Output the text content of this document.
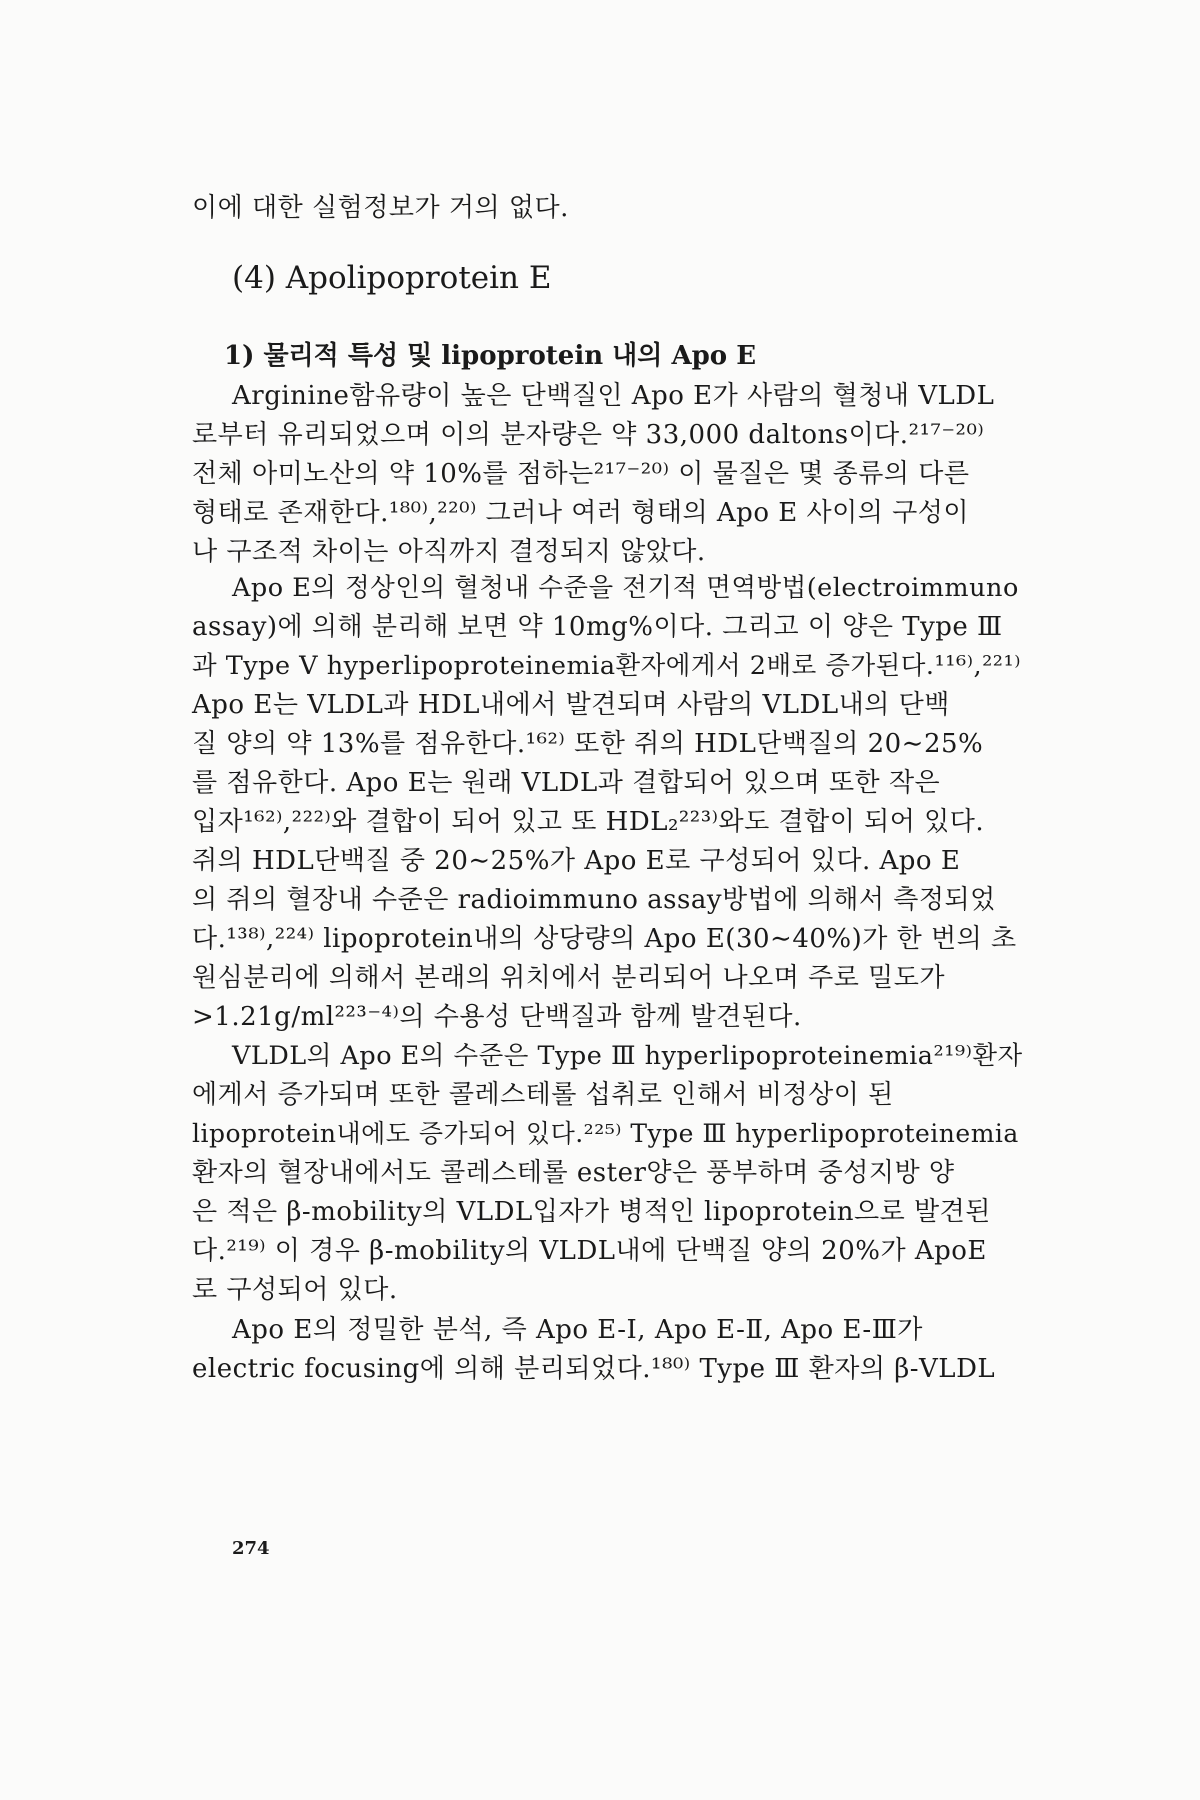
이에 대한 실험정보가 거의 없다.
(4) Apolipoprotein E
1) 물리적 특성 및 lipoprotein 내의 Apo E
Arginine함유량이 높은 단백질인 Apo E가 사람의 혈청내 VLDL
로부터 유리되었으며 이의 분자량은 약 33,000 daltons이다.²¹⁷⁻²⁰⁾
전체 아미노산의 약 10%를 점하는²¹⁷⁻²⁰⁾ 이 물질은 몇 종류의 다른
형태로 존재한다.¹⁸⁰⁾,²²⁰⁾ 그러나 여러 형태의 Apo E 사이의 구성이
나 구조적 차이는 아직까지 결정되지 않았다.
Apo E의 정상인의 혈청내 수준을 전기적 면역방법(electroimmuno
assay)에 의해 분리해 보면 약 10mg%이다. 그리고 이 양은 Type Ⅲ
과 Type V hyperlipoproteinemia환자에게서 2배로 증가된다.¹¹⁶⁾,²²¹⁾
Apo E는 VLDL과 HDL내에서 발견되며 사람의 VLDL내의 단백
질 양의 약 13%를 점유한다.¹⁶²⁾ 또한 쥐의 HDL단백질의 20∼25%
를 점유한다. Apo E는 원래 VLDL과 결합되어 있으며 또한 작은
입자¹⁶²⁾,²²²⁾와 결합이 되어 있고 또 HDL₂²²³⁾와도 결합이 되어 있다.
쥐의 HDL단백질 중 20∼25%가 Apo E로 구성되어 있다. Apo E
의 쥐의 혈장내 수준은 radioimmuno assay방법에 의해서 측정되었
다.¹³⁸⁾,²²⁴⁾ lipoprotein내의 상당량의 Apo E(30∼40%)가 한 번의 초
원심분리에 의해서 본래의 위치에서 분리되어 나오며 주로 밀도가
>1.21g/ml²²³⁻⁴⁾의 수용성 단백질과 함께 발견된다.
VLDL의 Apo E의 수준은 Type Ⅲ hyperlipoproteinemia²¹⁹⁾환자
에게서 증가되며 또한 콜레스테롤 섭취로 인해서 비정상이 된
lipoprotein내에도 증가되어 있다.²²⁵⁾ Type Ⅲ hyperlipoproteinemia
환자의 혈장내에서도 콜레스테롤 ester양은 풍부하며 중성지방 양
은 적은 β-mobility의 VLDL입자가 병적인 lipoprotein으로 발견된
다.²¹⁹⁾ 이 경우 β-mobility의 VLDL내에 단백질 양의 20%가 ApoE
로 구성되어 있다.
Apo E의 정밀한 분석, 즉 Apo E-Ⅰ, Apo E-Ⅱ, Apo E-Ⅲ가
electric focusing에 의해 분리되었다.¹⁸⁰⁾ Type Ⅲ 환자의 β-VLDL
274
